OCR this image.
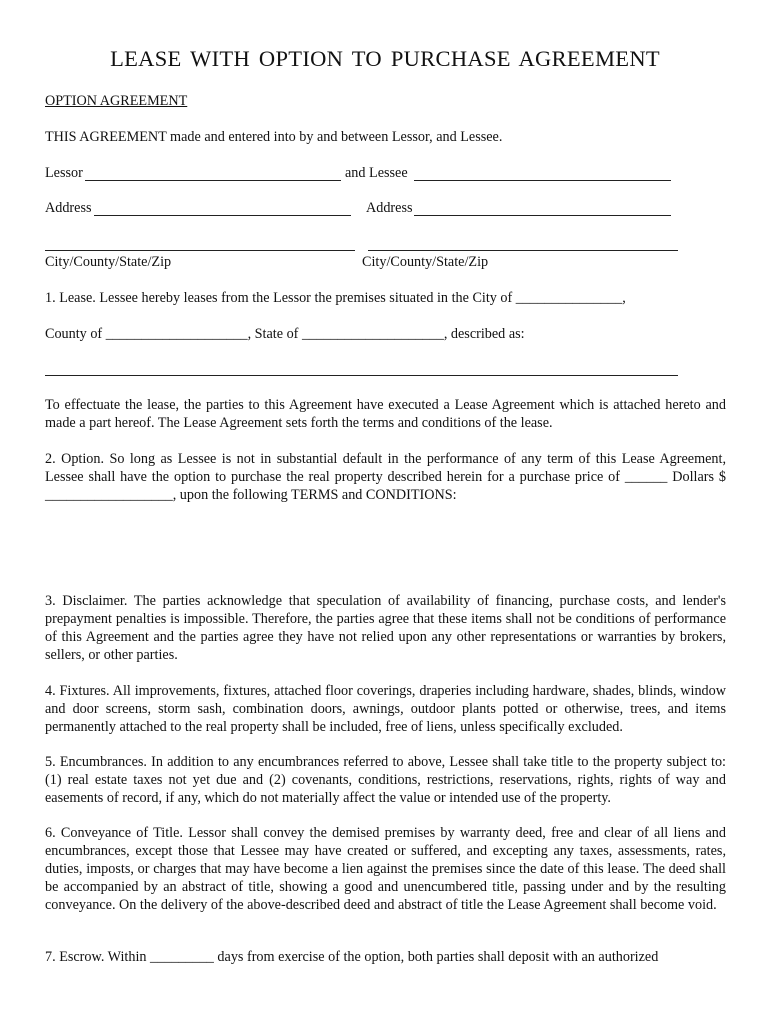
LEASE WITH OPTION TO PURCHASE AGREEMENT
OPTION AGREEMENT
THIS AGREEMENT made and entered into by and between Lessor, and Lessee.
Lessor	and Lessee
Address	Address
City/County/State/Zip	City/County/State/Zip
1. Lease. Lessee hereby leases from the Lessor the premises situated in the City of _______________,
County of ____________________, State of ____________________, described as:
To effectuate the lease, the parties to this Agreement have executed a Lease Agreement which is attached hereto and made a part hereof. The Lease Agreement sets forth the terms and conditions of the lease.
2. Option. So long as Lessee is not in substantial default in the performance of any term of this Lease Agreement, Lessee shall have the option to purchase the real property described herein for a purchase price of ______ Dollars $ __________________, upon the following TERMS and CONDITIONS:
3. Disclaimer. The parties acknowledge that speculation of availability of financing, purchase costs, and lender's prepayment penalties is impossible. Therefore, the parties agree that these items shall not be conditions of performance of this Agreement and the parties agree they have not relied upon any other representations or warranties by brokers, sellers, or other parties.
4. Fixtures. All improvements, fixtures, attached floor coverings, draperies including hardware, shades, blinds, window and door screens, storm sash, combination doors, awnings, outdoor plants potted or otherwise, trees, and items permanently attached to the real property shall be included, free of liens, unless specifically excluded.
5. Encumbrances. In addition to any encumbrances referred to above, Lessee shall take title to the property subject to: (1) real estate taxes not yet due and (2) covenants, conditions, restrictions, reservations, rights, rights of way and easements of record, if any, which do not materially affect the value or intended use of the property.
6. Conveyance of Title. Lessor shall convey the demised premises by warranty deed, free and clear of all liens and encumbrances, except those that Lessee may have created or suffered, and excepting any taxes, assessments, rates, duties, imposts, or charges that may have become a lien against the premises since the date of this lease. The deed shall be accompanied by an abstract of title, showing a good and unencumbered title, passing under and by the resulting conveyance. On the delivery of the above-described deed and abstract of title the Lease Agreement shall become void.
7. Escrow. Within _________ days from exercise of the option, both parties shall deposit with an authorized
